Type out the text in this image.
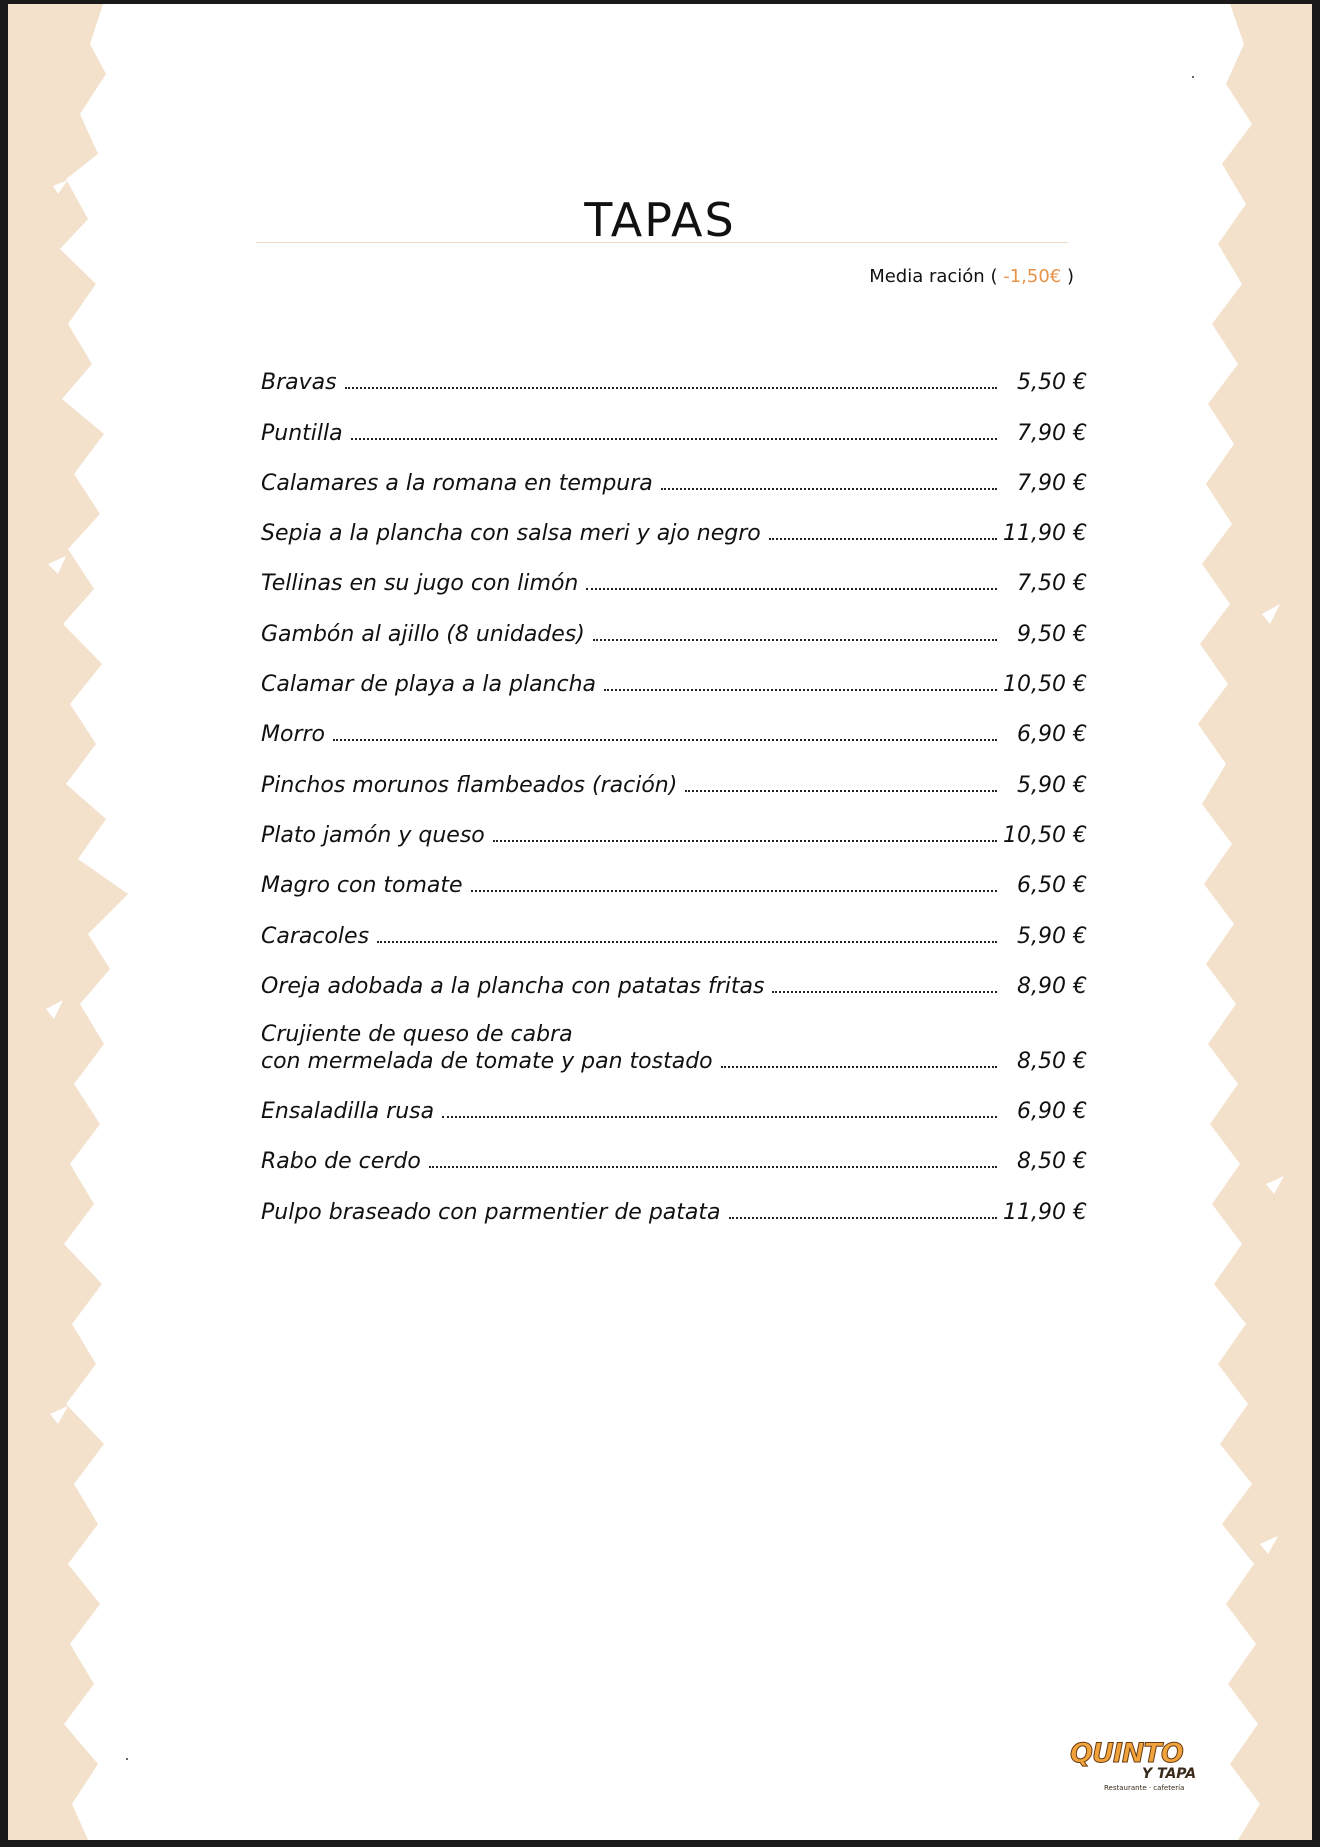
TAPAS
Media ración ( -1,50€ )
Bravas	5,50 €
Puntilla	7,90 €
Calamares a la romana en tempura	7,90 €
Sepia a la plancha con salsa meri y ajo negro	11,90 €
Tellinas en su jugo con limón	7,50 €
Gambón al ajillo (8 unidades)	9,50 €
Calamar de playa a la plancha	10,50 €
Morro	6,90 €
Pinchos morunos flambeados (ración)	5,90 €
Plato jamón y queso	10,50 €
Magro con tomate	6,50 €
Caracoles	5,90 €
Oreja adobada a la plancha con patatas fritas	8,90 €
Crujiente de queso de cabra
con mermelada de tomate y pan tostado	8,50 €
Ensaladilla rusa	6,90 €
Rabo de cerdo	8,50 €
Pulpo braseado con parmentier de patata	11,90 €
QUINTO
Y TAPA
Restaurante · cafetería
